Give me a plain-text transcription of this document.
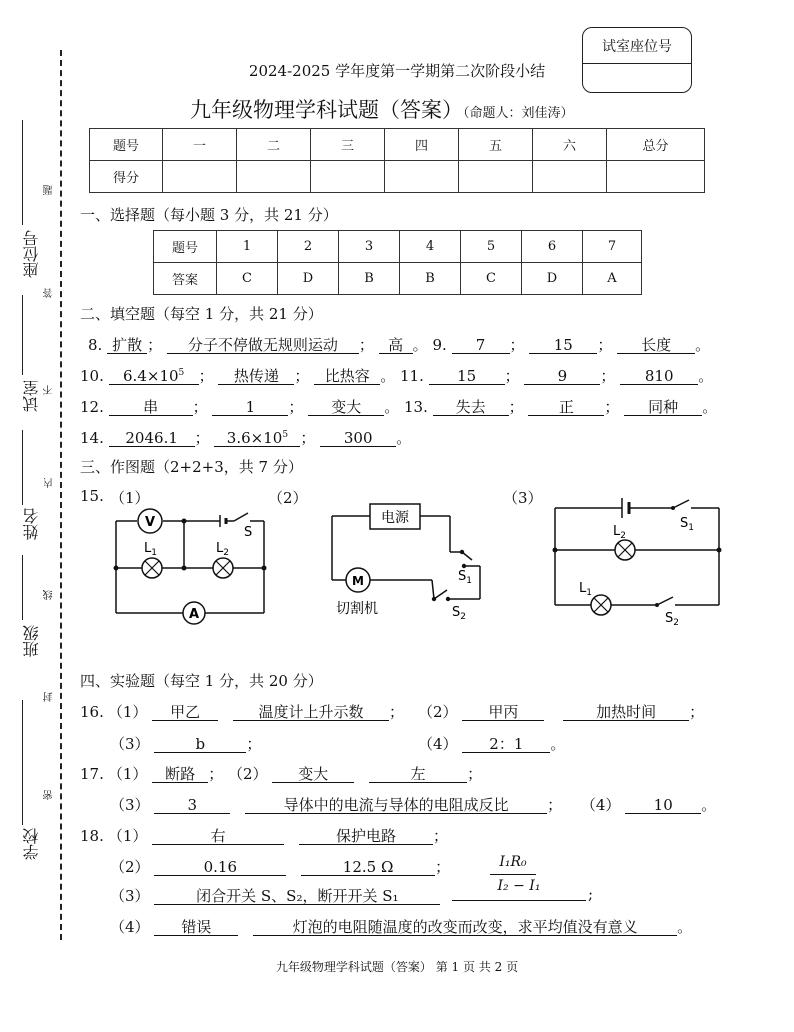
座位号
试室
姓名
班级
学校
题
答
不
内
线
封
密
试室座位号
2024-2025 学年度第一学期第二次阶段小结
九年级物理学科试题（答案）（命题人：刘佳涛）
题号	一	二	三	四	五	六	总分
得分							
一、选择题（每小题 3 分，共 21 分）
题号	1	2	3	4	5	6	7
答案	C	D	B	B	C	D	A
二、填空题（每空 1 分，共 21 分）
8. 扩散 ； 分子不停做无规则运动 ； 高 。 9. 7 ； 15 ； 长度 。
10. $6.4\times 10^5$ ； 热传递 ； 比热容 。 11. 15 ； 9 ； 810 。
12.	串 ； 1 ； 变大 。 13. 失去 ； 正 ； 同种 。
14. 2046.1 ； $3.6\times 10^5$ ； 300 。
三、作图题（2+2+3，共 7 分）
15. （1）	（2）	（3）
V
A
$L_1$	$L_2$
S
电源
M
切割机
$S_1$
$S_2$
$L_2$
$L_1$
$S_1$
$S_2$
四、实验题（每空 1 分，共 20 分）
16. （1） 甲乙	温度计上升示数 ； （2） 甲丙	加热时间 ；
（3）	b	；	（4） 2：1 。
17. （1） 断路 ； （2） 变大	左	；
（3）	3	导体中的电流与导体的电阻成反比	； （4） 10 。
18. （1）	右	保护电路 ；
（2）	0.16	12.5 Ω	；	I₁R₀
I₂ − I₁
（3）	闭合开关 S、S₂，断开开关 S₁	;
（4） 错误	灯泡的电阻随温度的改变而改变，求平均值没有意义	。
九年级物理学科试题（答案） 第 1 页 共 2 页
